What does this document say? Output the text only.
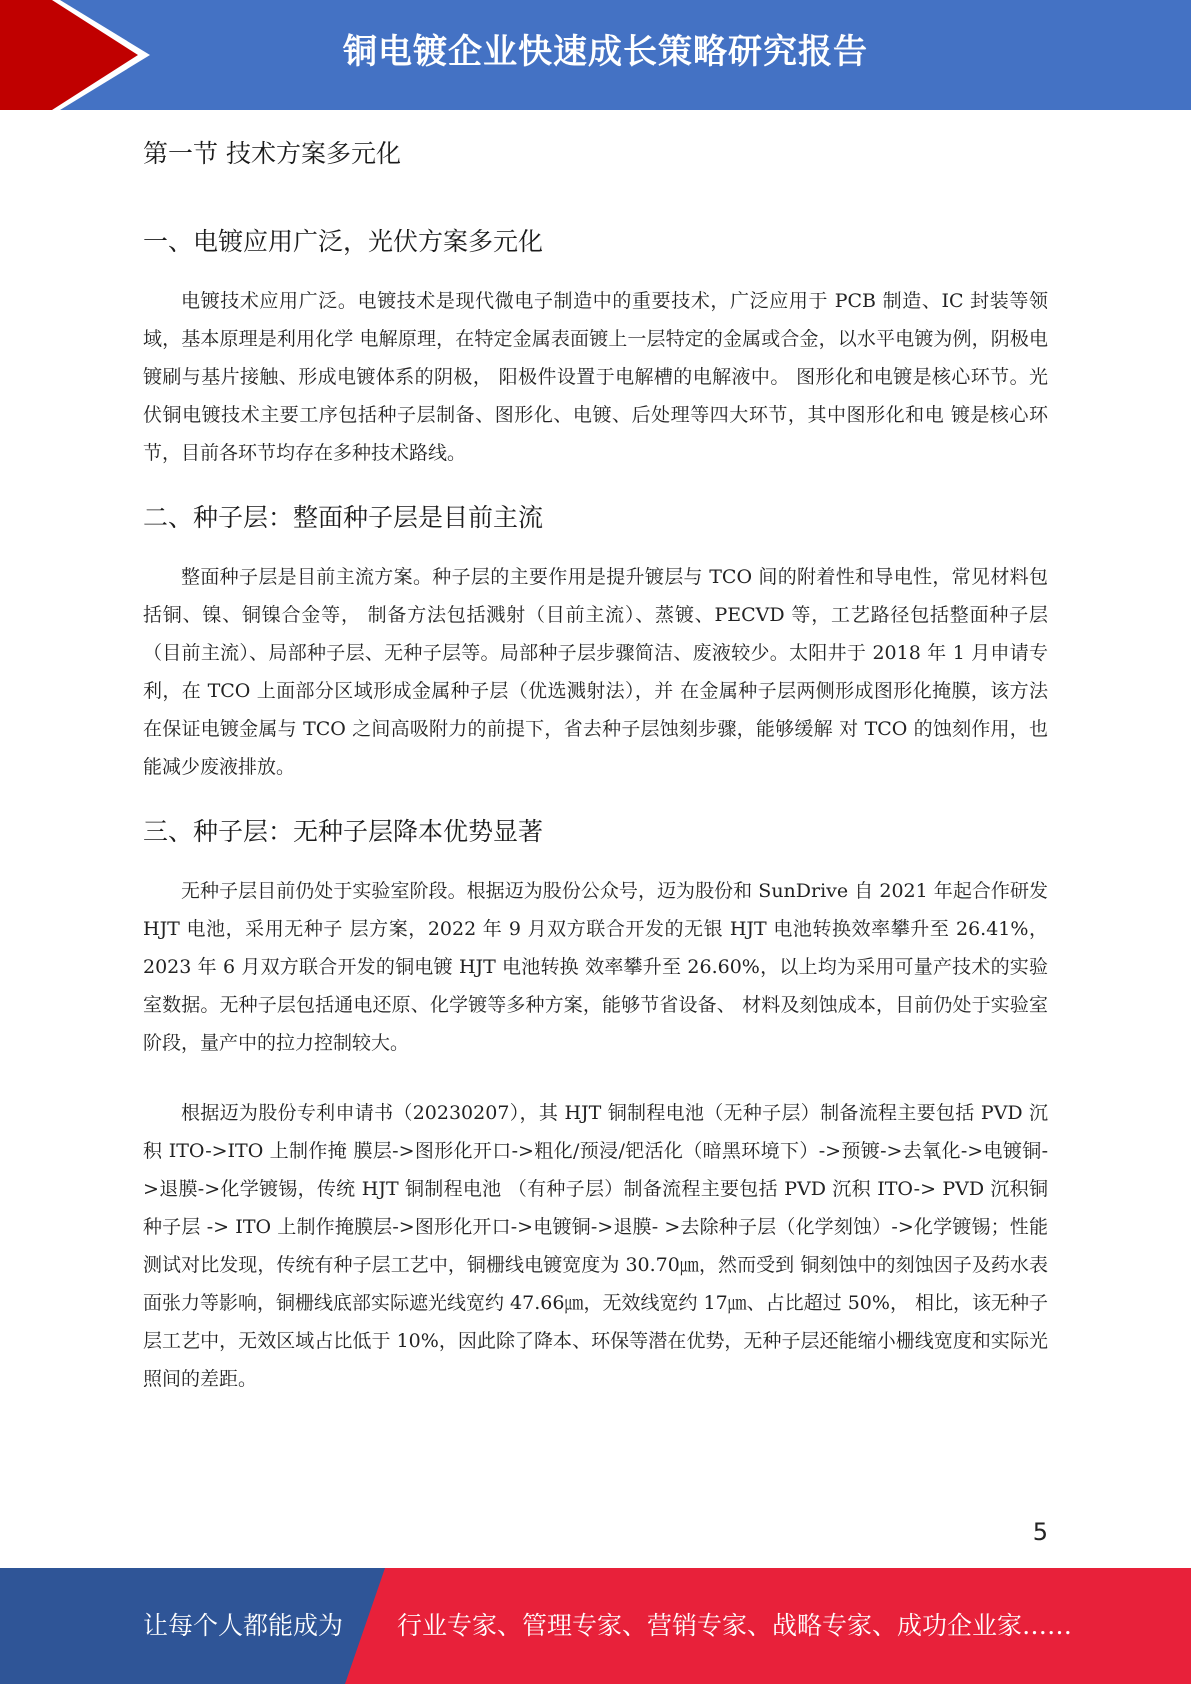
铜电镀企业快速成长策略研究报告
第一节 技术方案多元化
一、电镀应用广泛，光伏方案多元化

电镀技术应用广泛。电镀技术是现代微电子制造中的重要技术，广泛应用于 PCB 制造、IC 封装等领域，基本原理是利用化学 电解原理，在特定金属表面镀上一层特定的金属或合金，以水平电镀为例，阴极电镀刷与基片接触、形成电镀体系的阴极， 阳极件设置于电解槽的电解液中。 图形化和电镀是核心环节。光伏铜电镀技术主要工序包括种子层制备、图形化、电镀、后处理等四大环节，其中图形化和电 镀是核心环节，目前各环节均存在多种技术路线。

二、种子层：整面种子层是目前主流

整面种子层是目前主流方案。种子层的主要作用是提升镀层与 TCO 间的附着性和导电性，常见材料包括铜、镍、铜镍合金等， 制备方法包括溅射（目前主流）、蒸镀、PECVD 等，工艺路径包括整面种子层（目前主流）、局部种子层、无种子层等。局部种子层步骤简洁、废液较少。太阳井于 2018 年 1 月申请专利，在 TCO 上面部分区域形成金属种子层（优选溅射法），并 在金属种子层两侧形成图形化掩膜，该方法在保证电镀金属与 TCO 之间高吸附力的前提下，省去种子层蚀刻步骤，能够缓解 对 TCO 的蚀刻作用，也能减少废液排放。

三、种子层：无种子层降本优势显著

无种子层目前仍处于实验室阶段。根据迈为股份公众号，迈为股份和 SunDrive 自 2021 年起合作研发 HJT 电池，采用无种子 层方案，2022 年 9 月双方联合开发的无银 HJT 电池转换效率攀升至 26.41%，2023 年 6 月双方联合开发的铜电镀 HJT 电池转换 效率攀升至 26.60%，以上均为采用可量产技术的实验室数据。无种子层包括通电还原、化学镀等多种方案，能够节省设备、 材料及刻蚀成本，目前仍处于实验室阶段，量产中的拉力控制较大。

根据迈为股份专利申请书（20230207），其 HJT 铜制程电池（无种子层）制备流程主要包括 PVD 沉积 ITO->ITO 上制作掩 膜层->图形化开口->粗化/预浸/钯活化（暗黑环境下）->预镀->去氧化->电镀铜->退膜->化学镀锡，传统 HJT 铜制程电池 （有种子层）制备流程主要包括 PVD 沉积 ITO-> PVD 沉积铜种子层 -> ITO 上制作掩膜层->图形化开口->电镀铜->退膜- >去除种子层（化学刻蚀）->化学镀锡；性能测试对比发现，传统有种子层工艺中，铜栅线电镀宽度为 30.70㎛，然而受到 铜刻蚀中的刻蚀因子及药水表面张力等影响，铜栅线底部实际遮光线宽约 47.66㎛，无效线宽约 17㎛、占比超过 50%， 相比，该无种子层工艺中，无效区域占比低于 10%，因此除了降本、环保等潜在优势，无种子层还能缩小栅线宽度和实际光 照间的差距。

5
让每个人都能成为 行业专家、管理专家、营销专家、战略专家、成功企业家……
